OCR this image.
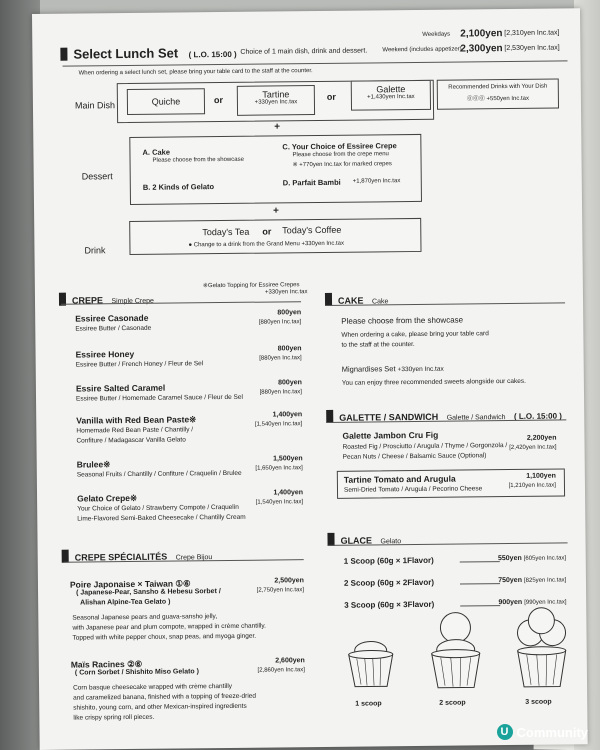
Select Lunch Set ( L.O. 15:00 ) Choice of 1 main dish, drink and dessert.
Weekdays 2,100yen [2,310yen Inc.tax]
Weekend (includes appetizer)
2,300yen [2,530yen Inc.tax]
When ordering a select lunch set, please bring your table card to the staff at the counter.
Main Dish	Quiche	or
Tartine
+330yen Inc.tax
or
Galette
+1,430yen Inc.tax
Recommended Drinks with Your Dish
⓪⓪⓪ +550yen Inc.tax
+
Dessert
A. Cake
Please choose from the showcase
B. 2 Kinds of Gelato
C. Your Choice of Essiree Crepe
Please choose from the crepe menu
※ +770yen Inc.tax for marked crepes
D. Parfait Bambi +1,870yen Inc.tax
+
Drink
Today's Tea or Today's Coffee
● Change to a drink from the Grand Menu +330yen Inc.tax
CREPE Simple Crepe
※Gelato Topping for Essiree Crepes
+330yen Inc.tax
Essiree Casonade
Essiree Butter / Casonade
800yen
[880yen Inc.tax]
Essiree Honey
Essiree Butter / French Honey / Fleur de Sel
800yen
[880yen Inc.tax]
Essire Salted Caramel
Essiree Butter / Homemade Caramel Sauce / Fleur de Sel
800yen
[880yen Inc.tax]
Vanilla with Red Bean Paste※
Homemade Red Bean Paste / Chantilly /
Confiture / Madagascar Vanilla Gelato
1,400yen
[1,540yen Inc.tax]
Brulee※
Seasonal Fruits / Chantilly / Confiture / Craquelin / Brulee
1,500yen
[1,650yen Inc.tax]
Gelato Crepe※
Your Choice of Gelato / Strawberry Compote / Craquelin
Lime-Flavored Semi-Baked Cheesecake / Chantilly Cream
1,400yen
[1,540yen Inc.tax]
CREPE SPÉCIALITÉS Crepe Bijou
Poire Japonaise × Taiwan ①⑥
( Japanese-Pear, Sansho & Hebesu Sorbet /
Alishan Alpine-Tea Gelato )
2,500yen
[2,750yen Inc.tax]
Seasonal Japanese pears and guava-sansho jelly,
with Japanese pear and plum compote, wrapped in crème chantilly.
Topped with white pepper choux, snap peas, and myoga ginger.
Maïs Racines ②⑥
( Corn Sorbet / Shishito Miso Gelato )
2,600yen
[2,860yen Inc.tax]
Corn basque cheesecake wrapped with crème chantilly
and caramelized banana, finished with a topping of freeze-dried
shishito, young corn, and other Mexican-inspired ingredients
like crispy spring roll pieces.
CAKE Cake
Please choose from the showcase
When ordering a cake, please bring your table card
to the staff at the counter.
Mignardises Set +330yen Inc.tax
You can enjoy three recommended sweets alongside our cakes.
GALETTE / SANDWICH Galette / Sandwich ( L.O. 15:00 )
Galette Jambon Cru Fig
Roasted Fig / Prosciutto / Arugula / Thyme / Gorgonzola /
Pecan Nuts / Cheese / Balsamic Sauce (Optional)
2,200yen
[2,420yen Inc.tax]
Tartine Tomato and Arugula
Semi-Dried Tomato / Arugula / Pecorino Cheese
1,100yen
[1,210yen Inc.tax]
GLACE Gelato
1 Scoop (60g × 1Flavor)	550yen [605yen Inc.tax]
2 Scoop (60g × 2Flavor)	750yen [825yen Inc.tax]
3 Scoop (60g × 3Flavor)	900yen [990yen Inc.tax]
1 scoop	2 scoop	3 scoop
U Community
